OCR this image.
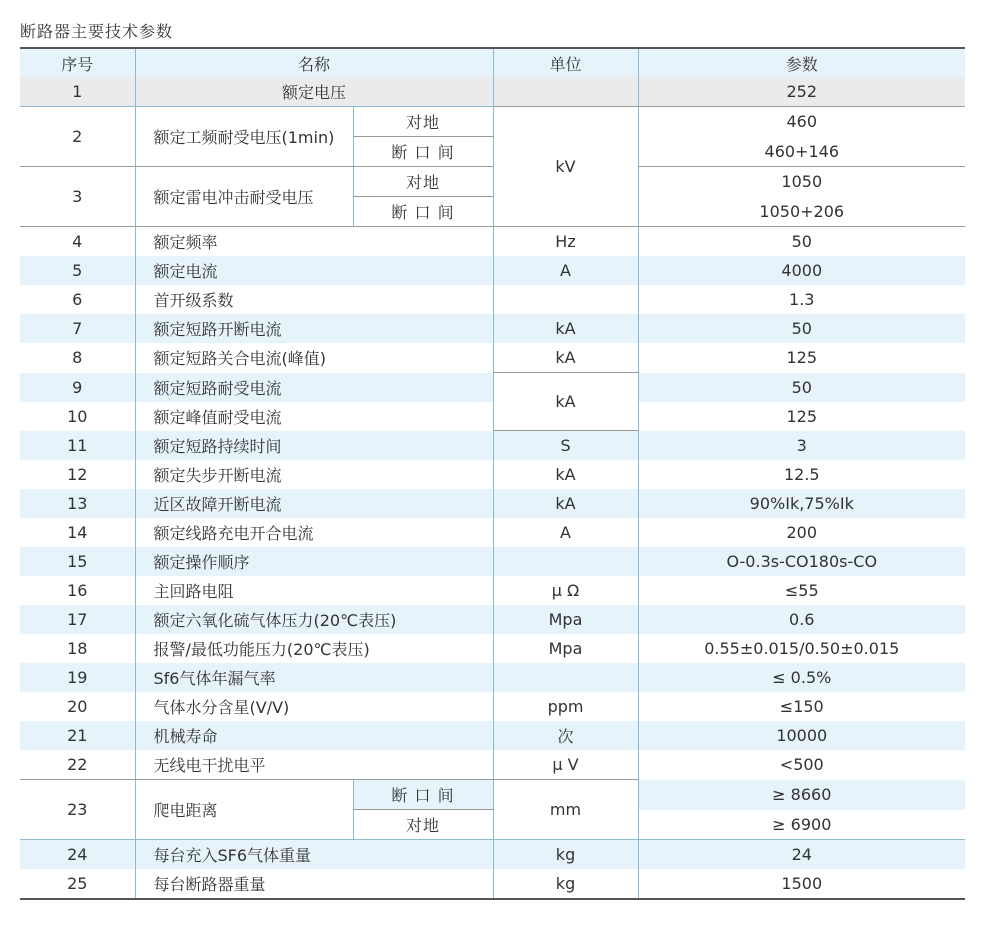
断路器主要技术参数
序号	名称		单位	参数
1	额定电压			252
2	额定工频耐受电压(1min)	对地	kV	460
		断 口 间		460+146
3	额定雷电冲击耐受电压	对地		1050
		断 口 间		1050+206
4	额定频率		Hz	50
5	额定电流		A	4000
6	首开级系数			1.3
7	额定短路开断电流		kA	50
8	额定短路关合电流(峰值)		kA	125
9	额定短路耐受电流		kA	50
10	额定峰值耐受电流			125
11	额定短路持续时间		S	3
12	额定失步开断电流		kA	12.5
13	近区故障开断电流		kA	90%Ik,75%Ik
14	额定线路充电开合电流		A	200
15	额定操作顺序			O-0.3s-CO180s-CO
16	主回路电阻		μ Ω	≤55
17	额定六氧化硫气体压力(20℃表压)		Mpa	0.6
18	报警/最低功能压力(20℃表压)		Mpa	0.55±0.015/0.50±0.015
19	Sf6气体年漏气率			≤ 0.5%
20	气体水分含星(V/V)		ppm	≤150
21	机械寿命		次	10000
22	无线电干扰电平		μ V	<500
23	爬电距离	断 口 间	mm	≥ 8660
		对地		≥ 6900
24	每台充入SF6气体重量		kg	24
25	每台断路器重量		kg	1500
